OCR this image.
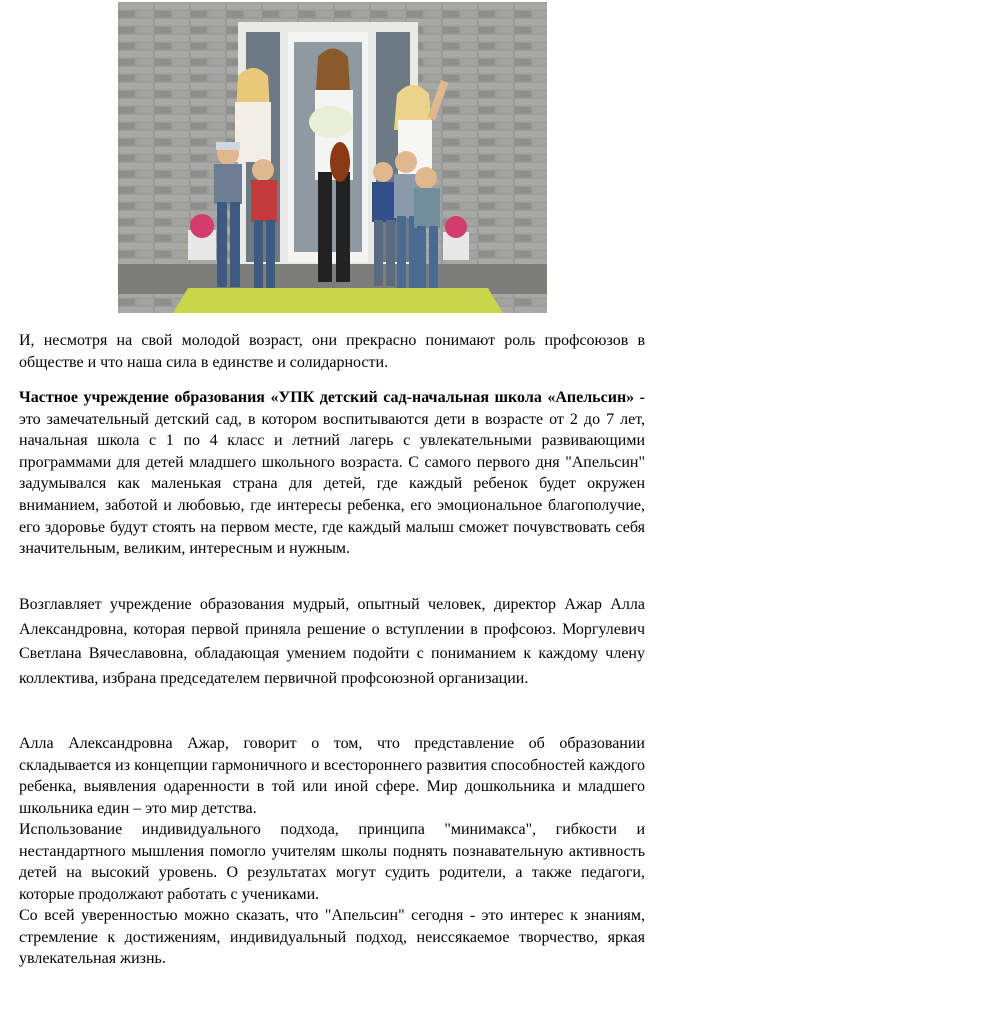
И, несмотря на свой молодой возраст, они прекрасно понимают роль профсоюзов в обществе и что наша сила в единстве и солидарности.

Частное учреждение образования «УПК детский сад-начальная школа «Апельсин» - это замечательный детский сад, в котором воспитываются дети в возрасте от 2 до 7 лет, начальная школа с 1 по 4 класс и летний лагерь с увлекательными развивающими программами для детей младшего школьного возраста. С самого первого дня "Апельсин" задумывался как маленькая страна для детей, где каждый ребенок будет окружен вниманием, заботой и любовью, где интересы ребенка, его эмоциональное благополучие, его здоровье будут стоять на первом месте, где каждый малыш сможет почувствовать себя значительным, великим, интересным и нужным.

Возглавляет учреждение образования мудрый, опытный человек, директор Ажар Алла Александровна, которая первой приняла решение о вступлении в профсоюз. Моргулевич Светлана Вячеславовна, обладающая умением подойти с пониманием к каждому члену коллектива, избрана председателем первичной профсоюзной организации.

Алла Александровна Ажар, говорит о том, что представление об образовании складывается из концепции гармоничного и всестороннего развития способностей каждого ребенка, выявления одаренности в той или иной сфере. Мир дошкольника и младшего школьника един – это мир детства.
Использование индивидуального подхода, принципа "минимакса", гибкости и нестандартного мышления помогло учителям школы поднять познавательную активность детей на высокий уровень. О результатах могут судить родители, а также педагоги, которые продолжают работать с учениками.
Со всей уверенностью можно сказать, что "Апельсин" сегодня - это интерес к знаниям, стремление к достижениям, индивидуальный подход, неиссякаемое творчество, яркая увлекательная жизнь.
